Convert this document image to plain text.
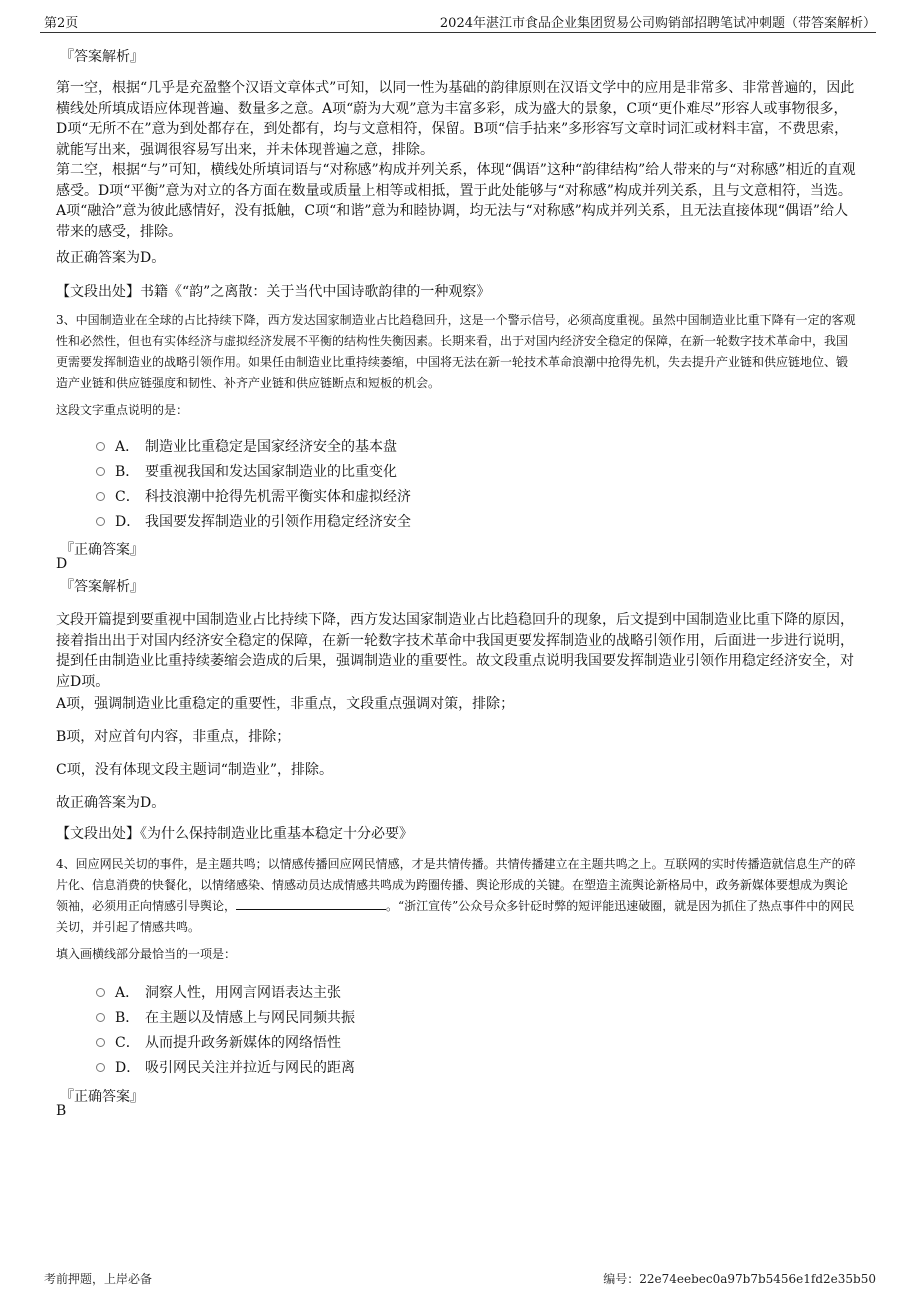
第2页	2024年湛江市食品企业集团贸易公司购销部招聘笔试冲刺题（带答案解析）
『答案解析』
第一空，根据“几乎是充盈整个汉语文章体式”可知，以同一性为基础的韵律原则在汉语文学中的应用是非常多、非常普遍的，因此横线处所填成语应体现普遍、数量多之意。A项“蔚为大观”意为丰富多彩，成为盛大的景象，C项“更仆难尽”形容人或事物很多，D项“无所不在”意为到处都存在，到处都有，均与文意相符，保留。B项“信手拈来”多形容写文章时词汇或材料丰富，不费思索，就能写出来，强调很容易写出来，并未体现普遍之意，排除。
第二空，根据“与”可知，横线处所填词语与“对称感”构成并列关系，体现“偶语”这种“韵律结构”给人带来的与“对称感”相近的直观感受。D项“平衡”意为对立的各方面在数量或质量上相等或相抵，置于此处能够与“对称感”构成并列关系，且与文意相符，当选。A项“融洽”意为彼此感情好，没有抵触，C项“和谐”意为和睦协调，均无法与“对称感”构成并列关系，且无法直接体现“偶语”给人带来的感受，排除。
故正确答案为D。
【文段出处】书籍《“韵”之离散：关于当代中国诗歌韵律的一种观察》
3、中国制造业在全球的占比持续下降，西方发达国家制造业占比趋稳回升，这是一个警示信号，必须高度重视。虽然中国制造业比重下降有一定的客观性和必然性，但也有实体经济与虚拟经济发展不平衡的结构性失衡因素。长期来看，出于对国内经济安全稳定的保障，在新一轮数字技术革命中，我国更需要发挥制造业的战略引领作用。如果任由制造业比重持续萎缩，中国将无法在新一轮技术革命浪潮中抢得先机，失去提升产业链和供应链地位、锻造产业链和供应链强度和韧性、补齐产业链和供应链断点和短板的机会。
这段文字重点说明的是：
A． 制造业比重稳定是国家经济安全的基本盘
B． 要重视我国和发达国家制造业的比重变化
C． 科技浪潮中抢得先机需平衡实体和虚拟经济
D． 我国要发挥制造业的引领作用稳定经济安全
『正确答案』
D
『答案解析』
文段开篇提到要重视中国制造业占比持续下降，西方发达国家制造业占比趋稳回升的现象，后文提到中国制造业比重下降的原因，接着指出出于对国内经济安全稳定的保障，在新一轮数字技术革命中我国更要发挥制造业的战略引领作用，后面进一步进行说明，提到任由制造业比重持续萎缩会造成的后果，强调制造业的重要性。故文段重点说明我国要发挥制造业引领作用稳定经济安全，对应D项。
A项，强调制造业比重稳定的重要性，非重点，文段重点强调对策，排除；
B项，对应首句内容，非重点，排除；
C项，没有体现文段主题词“制造业”，排除。
故正确答案为D。
【文段出处】《为什么保持制造业比重基本稳定十分必要》
4、回应网民关切的事件，是主题共鸣；以情感传播回应网民情感，才是共情传播。共情传播建立在主题共鸣之上。互联网的实时传播造就信息生产的碎片化、信息消费的快餐化，以情绪感染、情感动员达成情感共鸣成为跨圈传播、舆论形成的关键。在塑造主流舆论新格局中，政务新媒体要想成为舆论领袖，必须用正向情感引导舆论，	。“浙江宣传”公众号众多针砭时弊的短评能迅速破圈，就是因为抓住了热点事件中的网民关切，并引起了情感共鸣。
填入画横线部分最恰当的一项是：
A． 洞察人性，用网言网语表达主张
B． 在主题以及情感上与网民同频共振
C． 从而提升政务新媒体的网络悟性
D． 吸引网民关注并拉近与网民的距离
『正确答案』
B
考前押题，上岸必备	编号：22e74eebec0a97b7b5456e1fd2e35b50
